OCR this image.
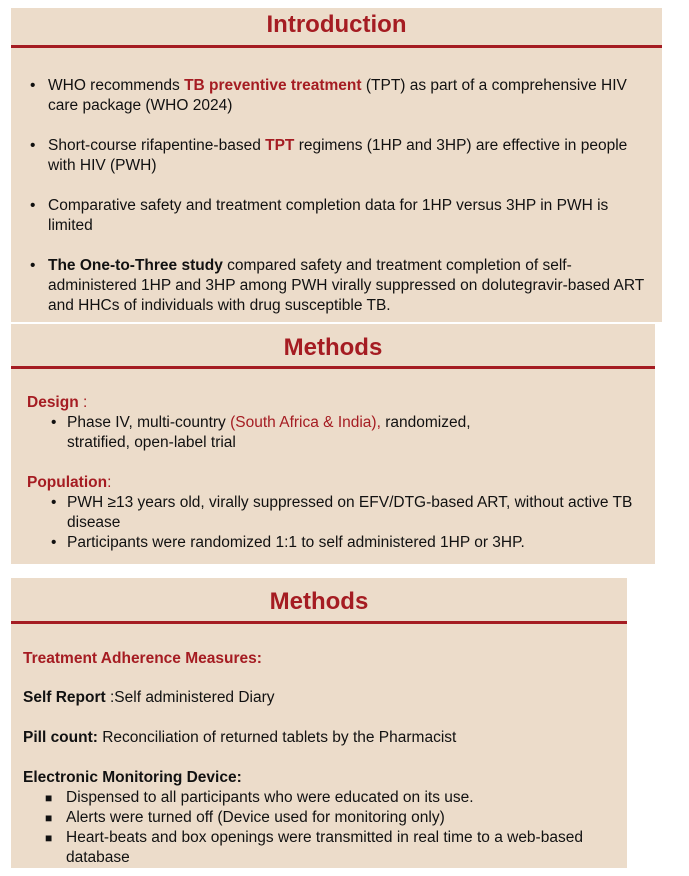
Introduction
• WHO recommends TB preventive treatment (TPT) as part of a comprehensive HIV care package (WHO 2024)
• Short-course rifapentine-based TPT regimens (1HP and 3HP) are effective in people with HIV (PWH)
• Comparative safety and treatment completion data for 1HP versus 3HP in PWH is limited
• The One-to-Three study compared safety and treatment completion of self-administered 1HP and 3HP among PWH virally suppressed on dolutegravir-based ART and HHCs of individuals with drug susceptible TB.
Methods
Design :
• Phase IV, multi-country (South Africa & India), randomized, stratified, open-label trial
Population:
• PWH ≥13 years old, virally suppressed on EFV/DTG-based ART, without active TB disease
• Participants were randomized 1:1 to self administered 1HP or 3HP.
Methods
Treatment Adherence Measures:
Self Report :Self administered Diary
Pill count: Reconciliation of returned tablets by the Pharmacist
Electronic Monitoring Device:
■ Dispensed to all participants who were educated on its use.
■ Alerts were turned off (Device used for monitoring only)
■ Heart-beats and box openings were transmitted in real time to a web-based database
